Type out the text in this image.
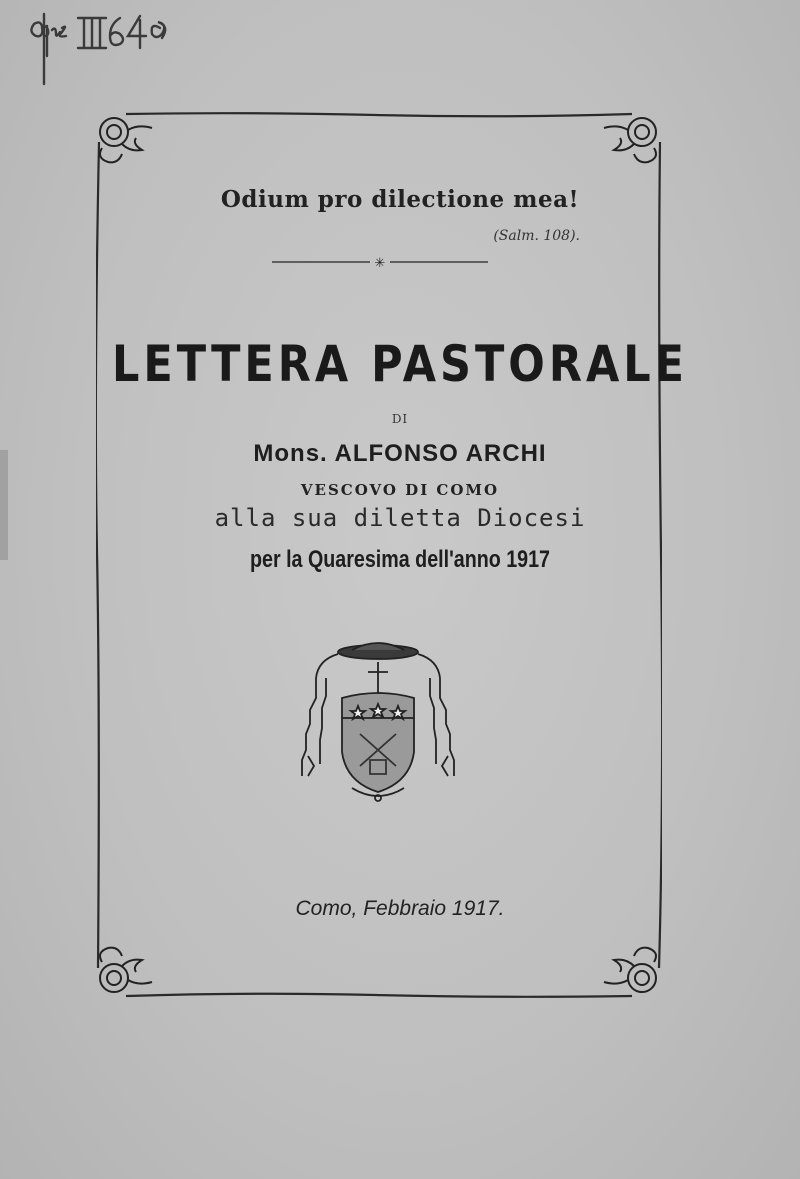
Odium pro dilectione mea!
(Salm. 108).
✳
LETTERA PASTORALE
DI
Mons. ALFONSO ARCHI
VESCOVO DI COMO
alla sua diletta Diocesi
per la Quaresima dell'anno 1917
Como, Febbraio 1917.
